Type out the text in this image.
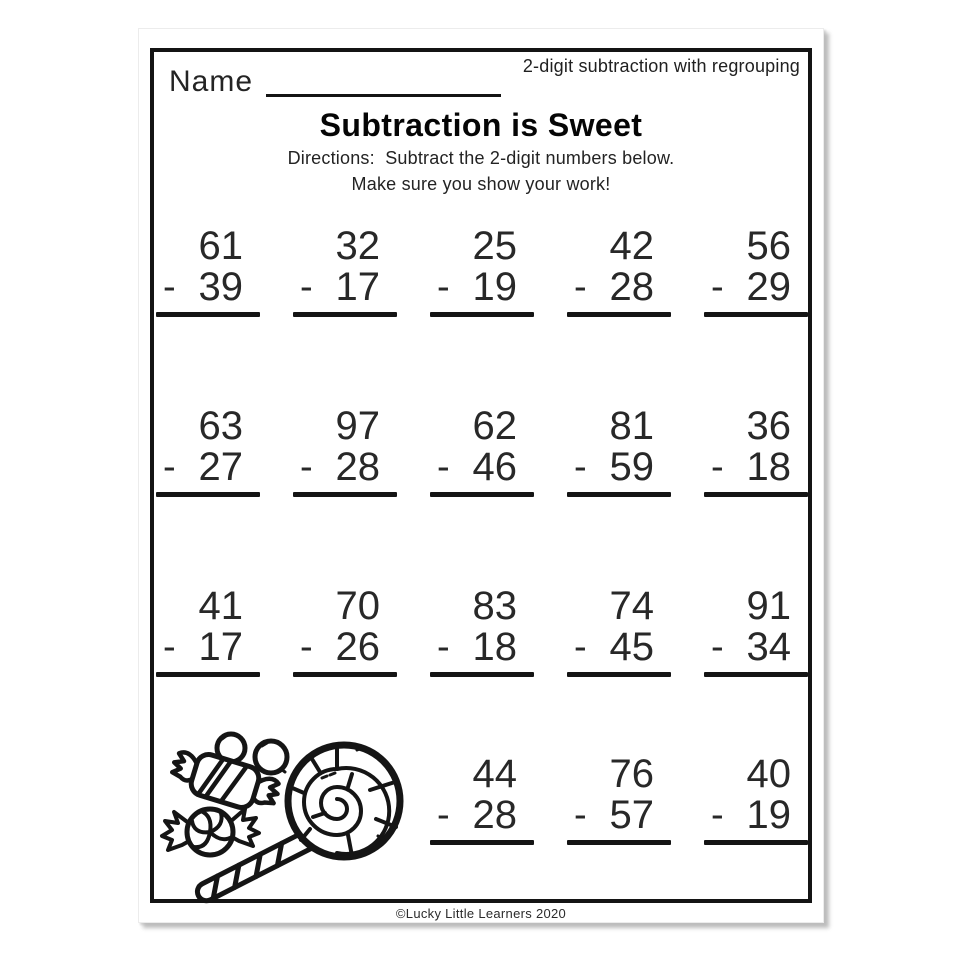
2-digit subtraction with regrouping
Name
Subtraction is Sweet
Directions:  Subtract the 2-digit numbers below.
Make sure you show your work!
61
- 39
32
- 17
25
- 19
42
- 28
56
- 29
63
- 27
97
- 28
62
- 46
81
- 59
36
- 18
41
- 17
70
- 26
83
- 18
74
- 45
91
- 34
44
- 28
76
- 57
40
- 19
©Lucky Little Learners 2020
